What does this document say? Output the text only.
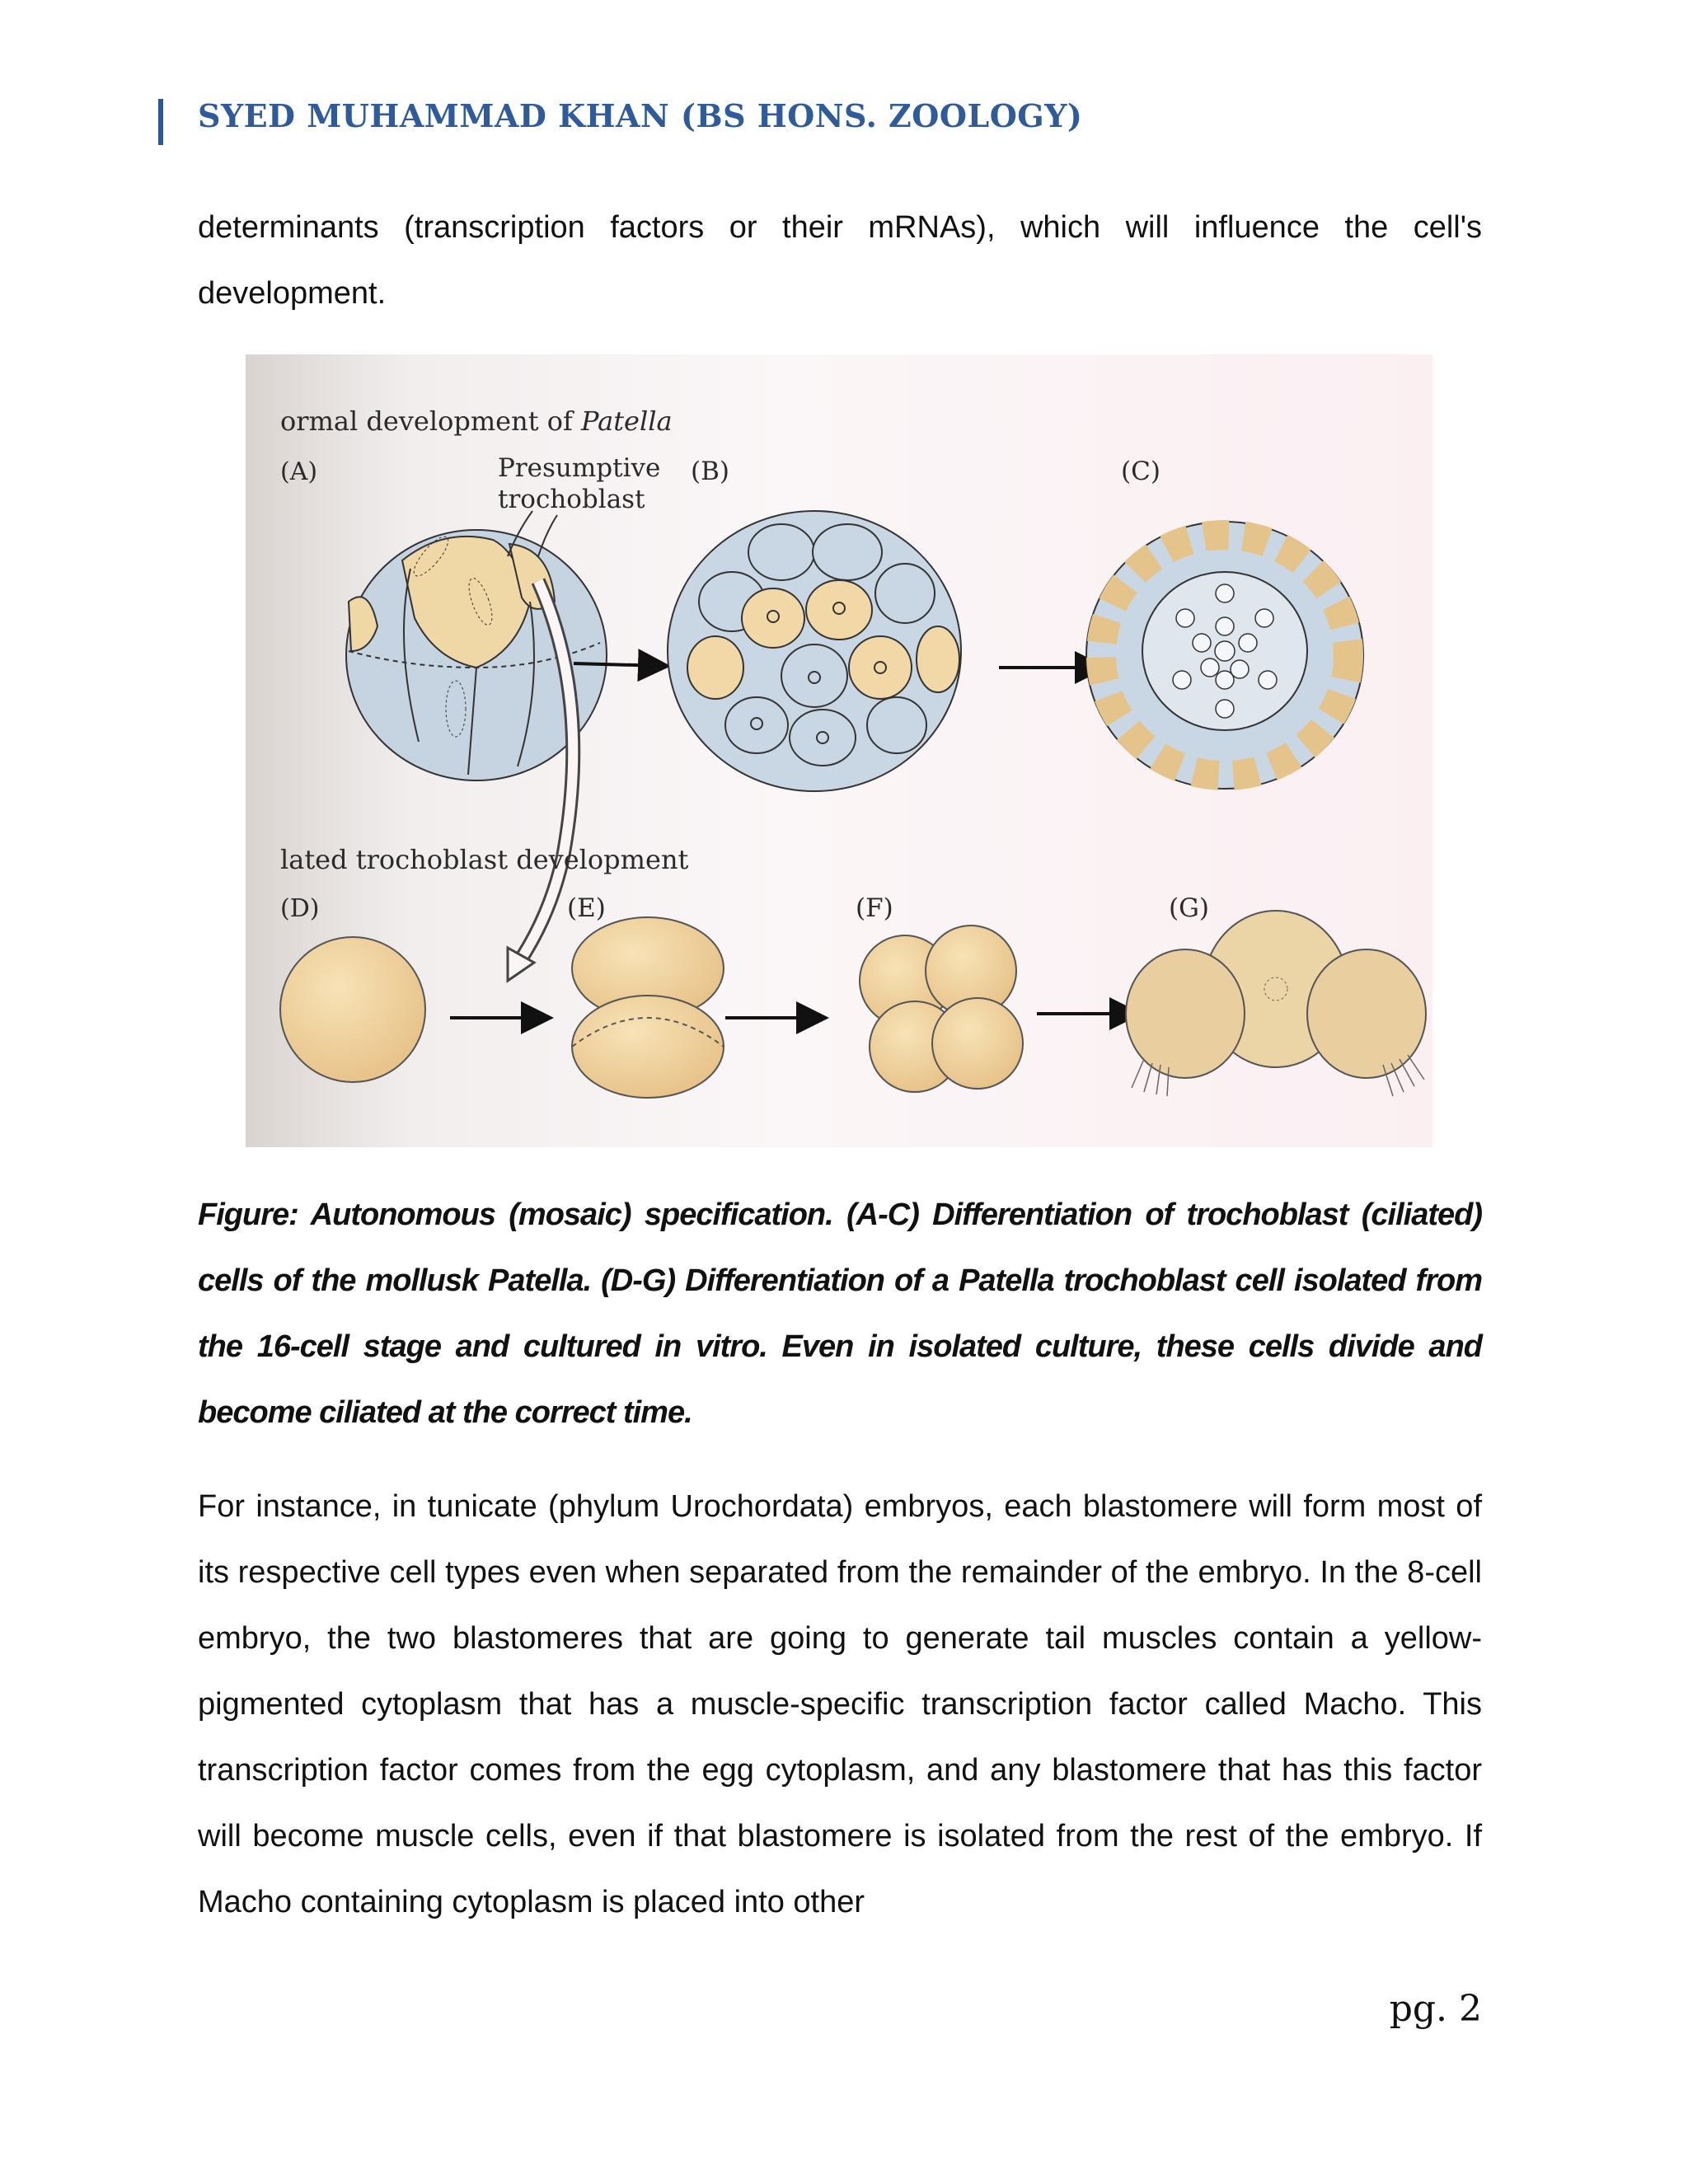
SYED MUHAMMAD KHAN (BS HONS. ZOOLOGY)

determinants (transcription factors or their mRNAs), which will influence the cell's development.

ormal development of Patella
(A)	Presumptive
trochoblast
(B)	(C)
lated trochoblast development
(D)	(E)	(F)	(G)
Figure: Autonomous (mosaic) specification. (A-C) Differentiation of trochoblast (ciliated) cells of the mollusk Patella. (D-G) Differentiation of a Patella trochoblast cell isolated from the 16-cell stage and cultured in vitro. Even in isolated culture, these cells divide and become ciliated at the correct time.

For instance, in tunicate (phylum Urochordata) embryos, each blastomere will form most of its respective cell types even when separated from the remainder of the embryo. In the 8-cell embryo, the two blastomeres that are going to generate tail muscles contain a yellow-pigmented cytoplasm that has a muscle-specific transcription factor called Macho. This transcription factor comes from the egg cytoplasm, and any blastomere that has this factor will become muscle cells, even if that blastomere is isolated from the rest of the embryo. If Macho containing cytoplasm is placed into other

pg. 2
